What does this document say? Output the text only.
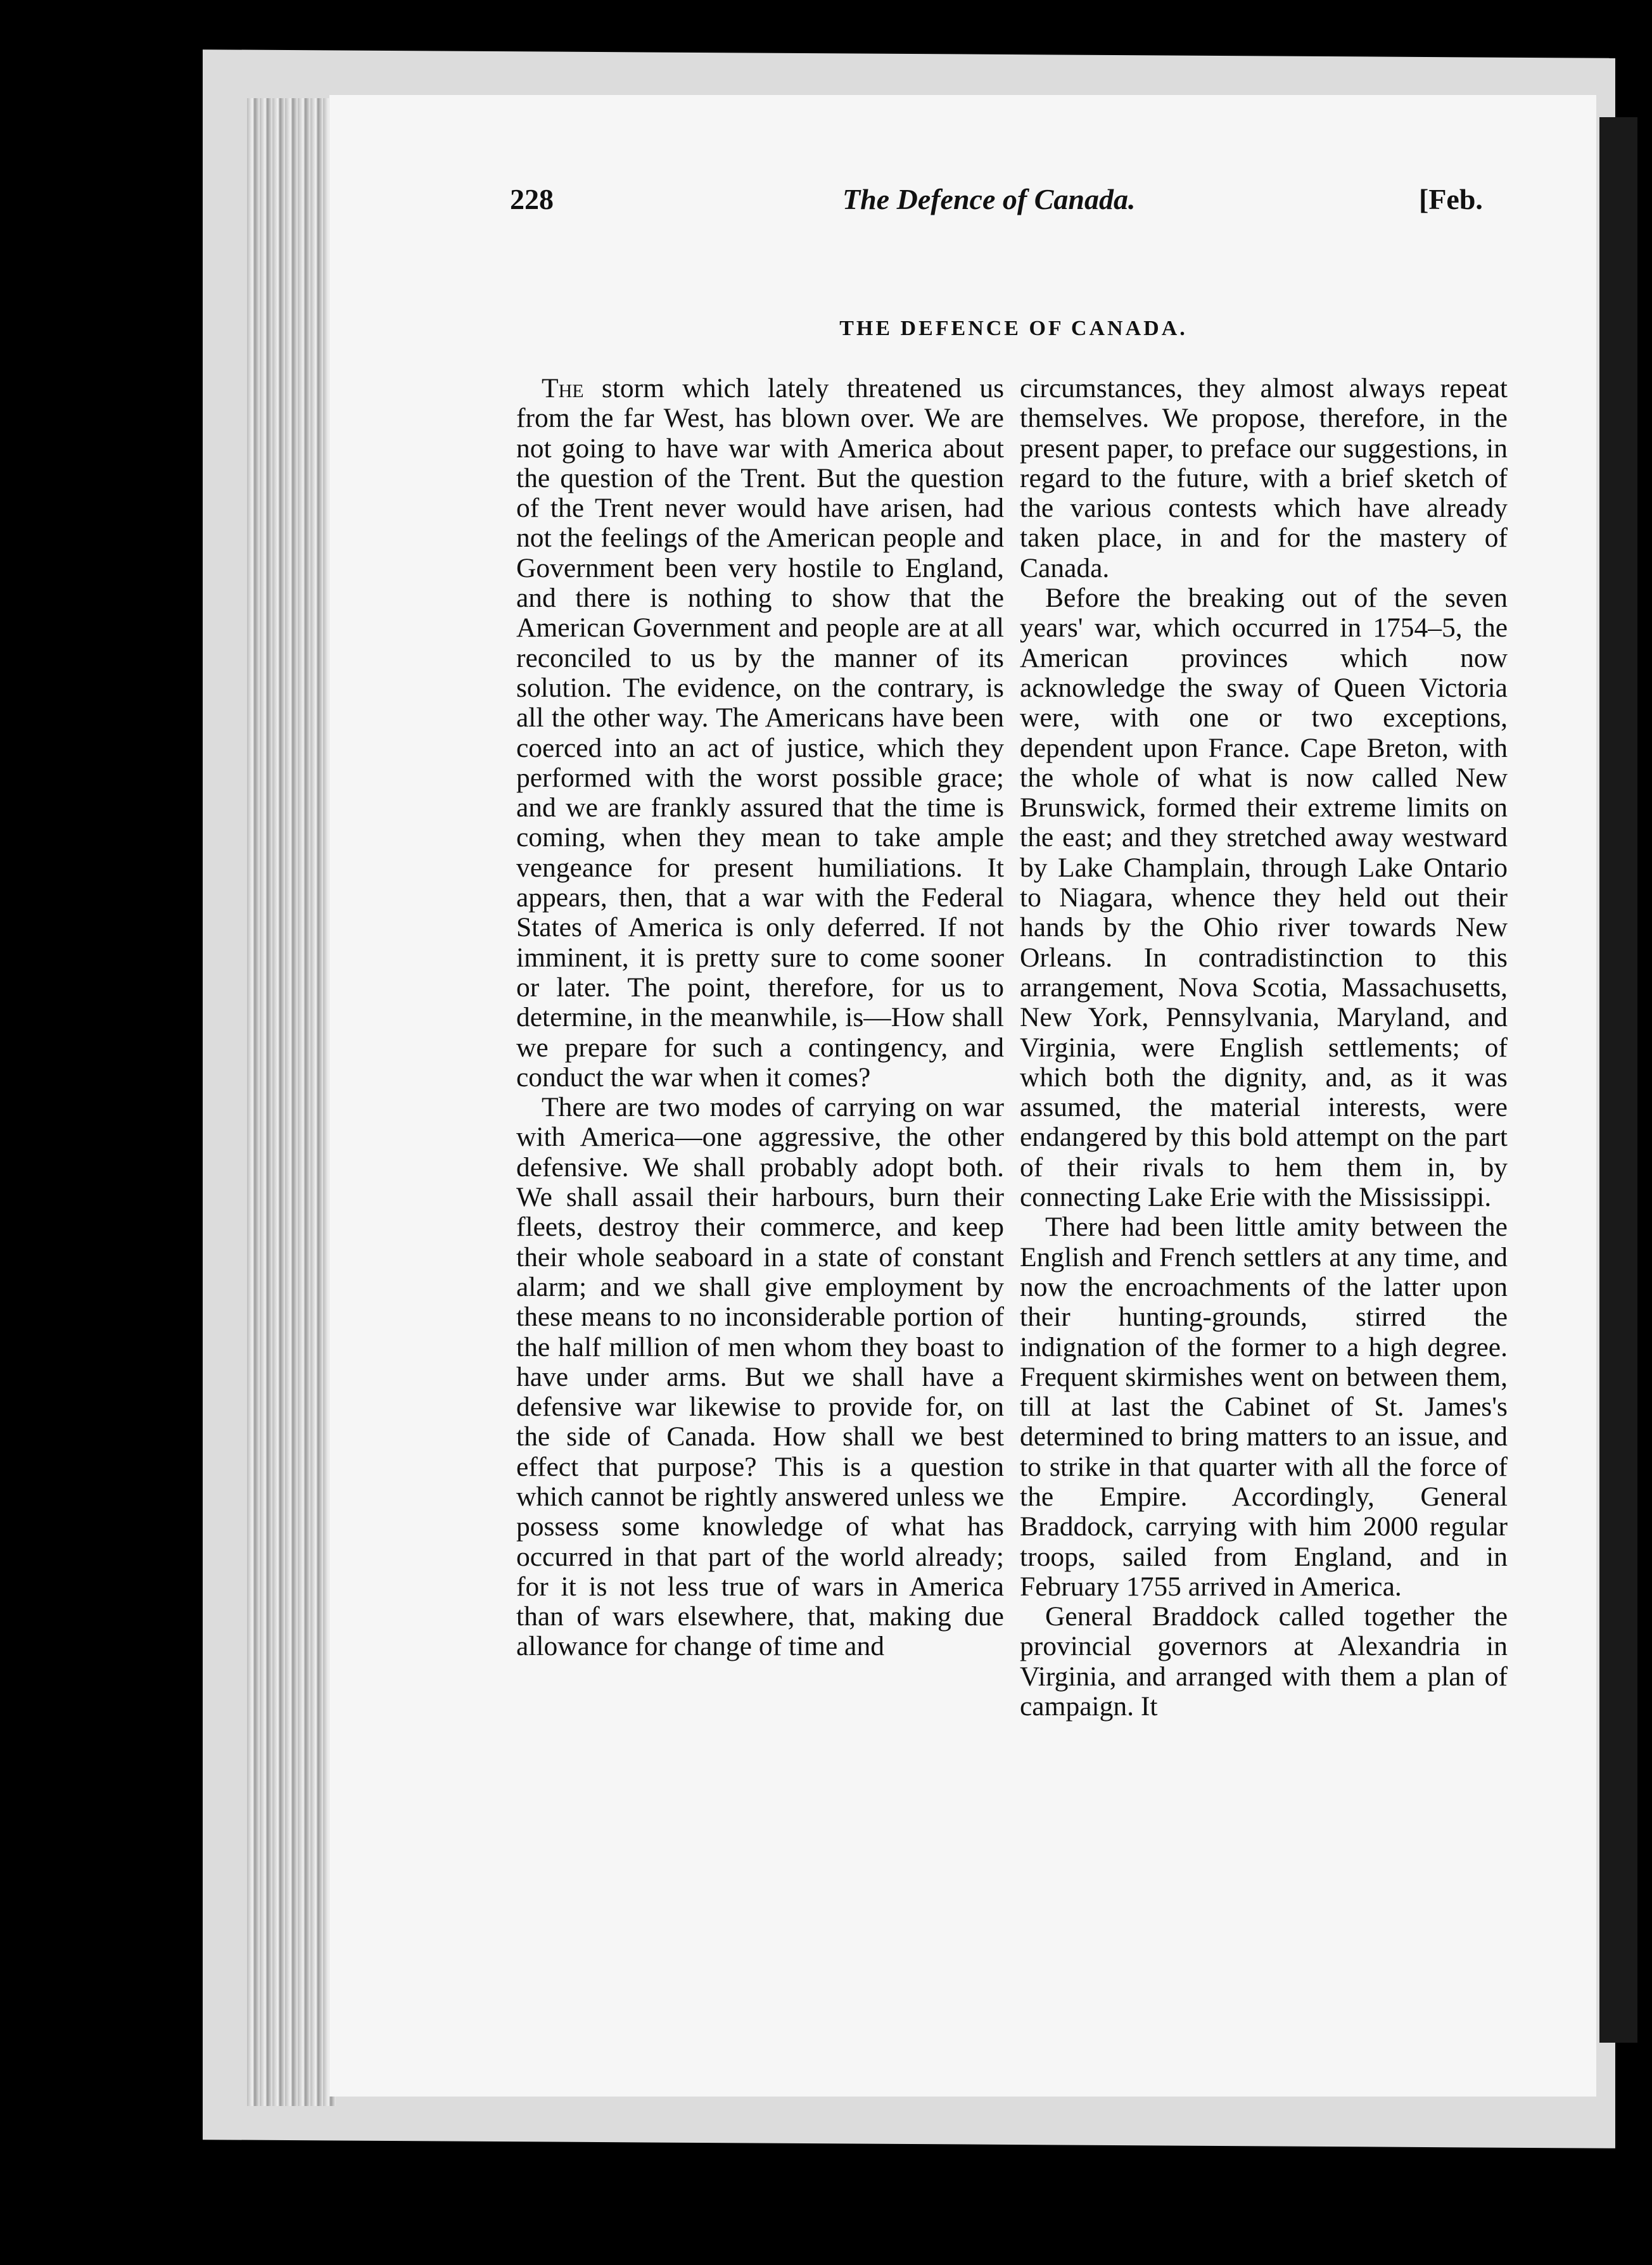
228	The Defence of Canada.	[Feb.
THE DEFENCE OF CANADA.

The storm which lately threatened us from the far West, has blown over. We are not going to have war with America about the question of the Trent. But the question of the Trent never would have arisen, had not the feelings of the American people and Government been very hostile to England, and there is nothing to show that the American Government and people are at all reconciled to us by the manner of its solution. The evidence, on the contrary, is all the other way. The Americans have been coerced into an act of justice, which they performed with the worst possible grace; and we are frankly assured that the time is coming, when they mean to take ample vengeance for present humiliations. It appears, then, that a war with the Federal States of America is only deferred. If not imminent, it is pretty sure to come sooner or later. The point, therefore, for us to determine, in the meanwhile, is—How shall we prepare for such a contingency, and conduct the war when it comes?

There are two modes of carrying on war with America—one aggressive, the other defensive. We shall probably adopt both. We shall assail their harbours, burn their fleets, destroy their commerce, and keep their whole seaboard in a state of constant alarm; and we shall give employment by these means to no inconsiderable portion of the half million of men whom they boast to have under arms. But we shall have a defensive war likewise to provide for, on the side of Canada. How shall we best effect that purpose? This is a question which cannot be rightly answered unless we possess some knowledge of what has occurred in that part of the world already; for it is not less true of wars in America than of wars elsewhere, that, making due allowance for change of time and

circumstances, they almost always repeat themselves. We propose, therefore, in the present paper, to preface our suggestions, in regard to the future, with a brief sketch of the various contests which have already taken place, in and for the mastery of Canada.

Before the breaking out of the seven years' war, which occurred in 1754–5, the American provinces which now acknowledge the sway of Queen Victoria were, with one or two exceptions, dependent upon France. Cape Breton, with the whole of what is now called New Brunswick, formed their extreme limits on the east; and they stretched away westward by Lake Champlain, through Lake Ontario to Niagara, whence they held out their hands by the Ohio river towards New Orleans. In contradistinction to this arrangement, Nova Scotia, Massachusetts, New York, Pennsylvania, Maryland, and Virginia, were English settlements; of which both the dignity, and, as it was assumed, the material interests, were endangered by this bold attempt on the part of their rivals to hem them in, by connecting Lake Erie with the Mississippi.

There had been little amity between the English and French settlers at any time, and now the encroachments of the latter upon their hunting-grounds, stirred the indignation of the former to a high degree. Frequent skirmishes went on between them, till at last the Cabinet of St. James's determined to bring matters to an issue, and to strike in that quarter with all the force of the Empire. Accordingly, General Braddock, carrying with him 2000 regular troops, sailed from England, and in February 1755 arrived in America.

General Braddock called together the provincial governors at Alexandria in Virginia, and arranged with them a plan of campaign. It
